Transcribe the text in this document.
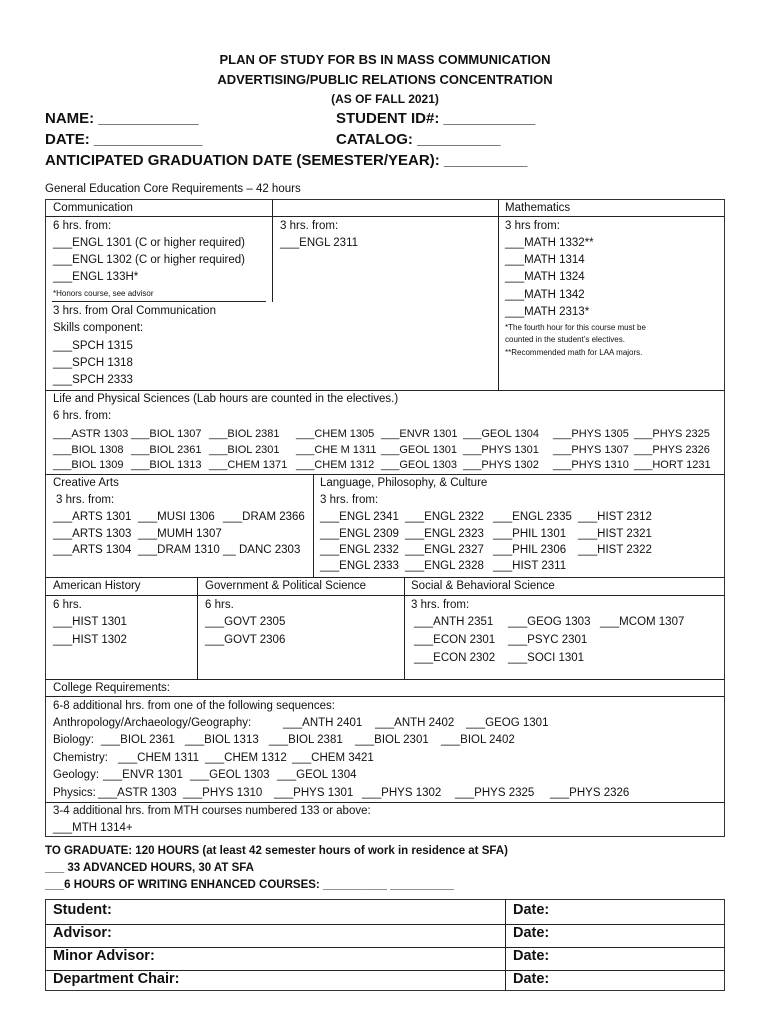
PLAN OF STUDY FOR BS IN MASS COMMUNICATION
ADVERTISING/PUBLIC RELATIONS CONCENTRATION
(AS OF FALL 2021)
NAME: ____________	STUDENT ID#: ___________
DATE: _____________	CATALOG: __________
ANTICIPATED GRADUATION DATE (SEMESTER/YEAR): __________
General Education Core Requirements – 42 hours
Communication
6 hrs. from:
___ENGL 1301 (C or higher required)
___ENGL 1302 (C or higher required)
___ENGL 133H*
*Honors course, see advisor
3 hrs. from Oral Communication
Skills component:
___SPCH 1315
___SPCH 1318
___SPCH 2333
3 hrs. from:
___ENGL 2311
Mathematics
3 hrs from:
___MATH 1332**
___MATH 1314
___MATH 1324
___MATH 1342
___MATH 2313*
*The fourth hour for this course must be
counted in the student’s electives.
**Recommended math for LAA majors.
Life and Physical Sciences (Lab hours are counted in the electives.)
6 hrs. from:
___ASTR 1303 ___BIOL 1307 ___BIOL 2381 ___CHEM 1305 ___ENVR 1301 ___GEOL 1304 ___PHYS 1305 ___PHYS 2325
___BIOL 1308 ___BIOL 2361 ___BIOL 2301 ___CHE M 1311 ___GEOL 1301 ___PHYS 1301 ___PHYS 1307 ___PHYS 2326
___BIOL 1309 ___BIOL 1313 ___CHEM 1371 ___CHEM 1312 ___GEOL 1303 ___PHYS 1302 ___PHYS 1310 ___HORT 1231
Creative Arts
3 hrs. from:
___ARTS 1301 ___MUSI 1306 ___DRAM 2366
___ARTS 1303 ___MUMH 1307
___ARTS 1304 ___DRAM 1310 __ DANC 2303
Language, Philosophy, & Culture
3 hrs. from:
___ENGL 2341 ___ENGL 2322 ___ENGL 2335 ___HIST 2312
___ENGL 2309 ___ENGL 2323 ___PHIL 1301 ___HIST 2321
___ENGL 2332 ___ENGL 2327 ___PHIL 2306 ___HIST 2322
___ENGL 2333 ___ENGL 2328 ___HIST 2311
American History
6 hrs.
___HIST 1301
___HIST 1302
Government & Political Science
6 hrs.
___GOVT 2305
___GOVT 2306
Social & Behavioral Science
3 hrs. from:
___ANTH 2351 ___GEOG 1303 ___MCOM 1307
___ECON 2301 ___PSYC 2301
___ECON 2302 ___SOCI 1301
College Requirements:
6-8 additional hrs. from one of the following sequences:
Anthropology/Archaeology/Geography:	___ANTH 2401 ___ANTH 2402 ___GEOG 1301
Biology: ___BIOL 2361 ___BIOL 1313 ___BIOL 2381 ___BIOL 2301 ___BIOL 2402
Chemistry: ___CHEM 1311 ___CHEM 1312 ___CHEM 3421
Geology: ___ENVR 1301 ___GEOL 1303 ___GEOL 1304
Physics: ___ASTR 1303 ___PHYS 1310 ___PHYS 1301 ___PHYS 1302 ___PHYS 2325 ___PHYS 2326
3-4 additional hrs. from MTH courses numbered 133 or above:
___MTH 1314+
TO GRADUATE: 120 HOURS (at least 42 semester hours of work in residence at SFA)
___ 33 ADVANCED HOURS, 30 AT SFA
___6 HOURS OF WRITING ENHANCED COURSES: __________ __________
Student:	Date:
Advisor:	Date:
Minor Advisor:	Date:
Department Chair:	Date:
